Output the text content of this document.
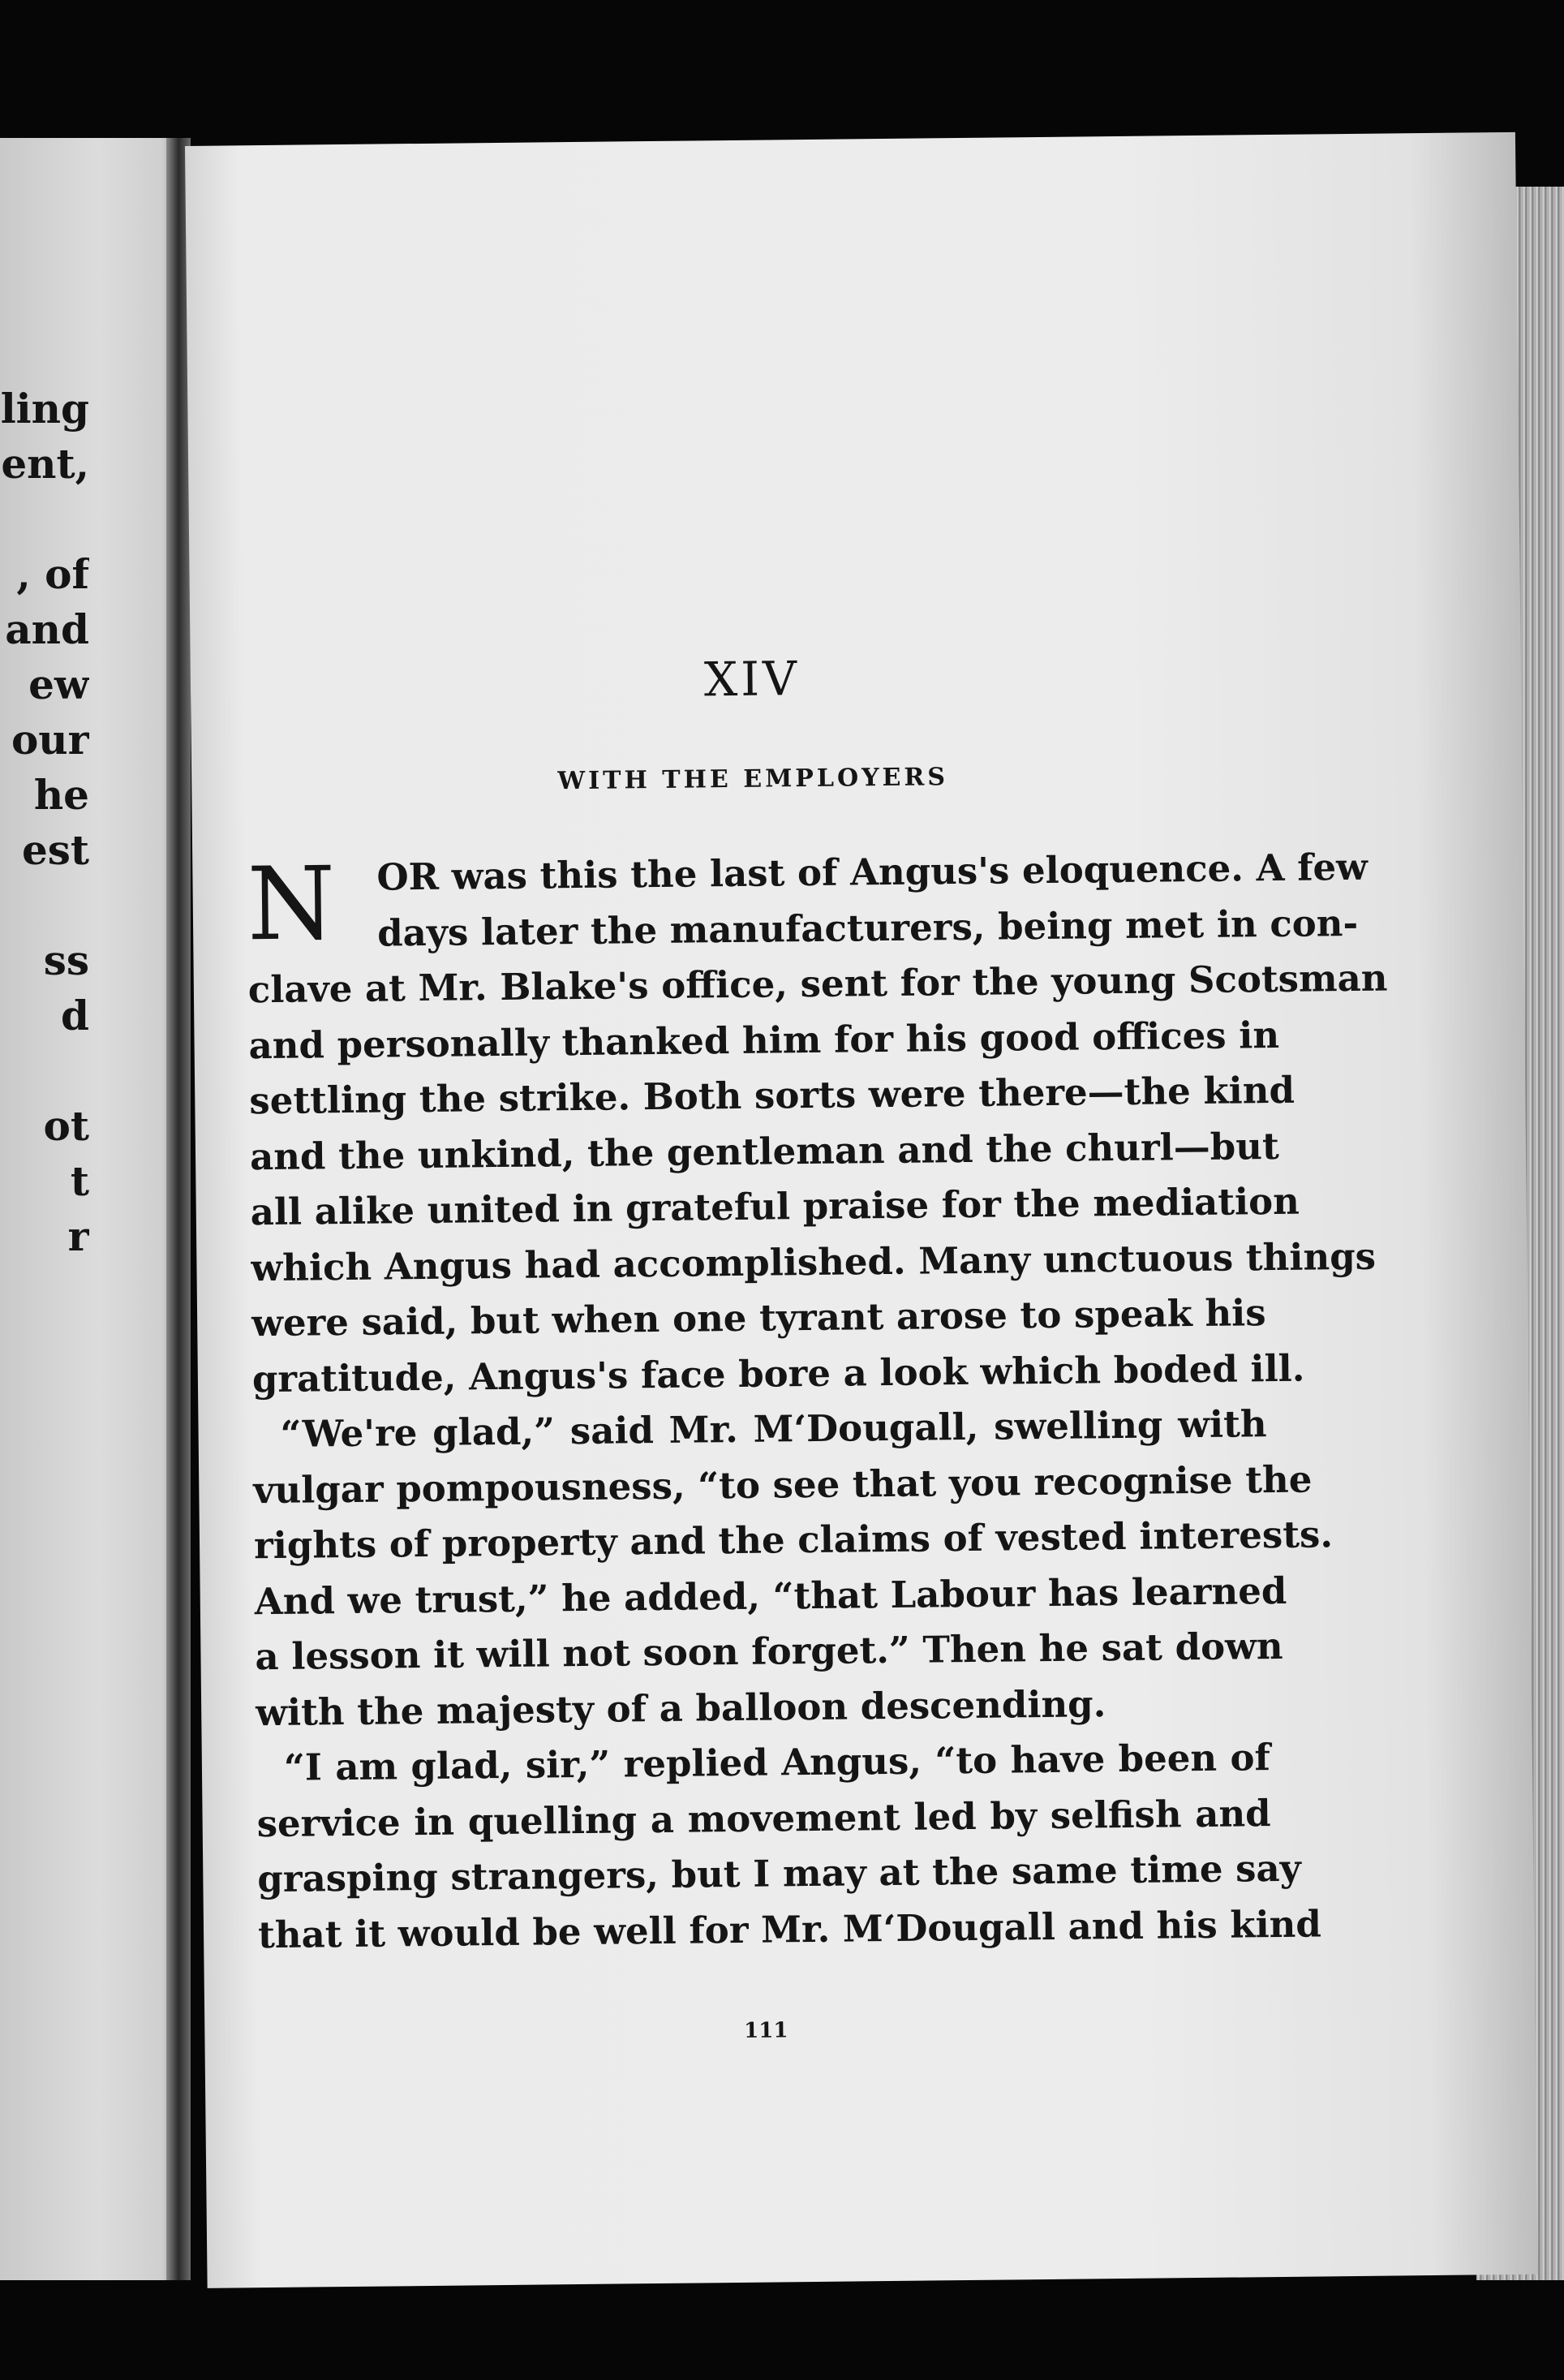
ling
ent,
, of
and
ew
our
he
est
ss
d
ot
t
r
XIV
WITH THE EMPLOYERS
N	OR was this the last of Angus's eloquence. A few
days later the manufacturers, being met in con-
clave at Mr. Blake's office, sent for the young Scotsman
and personally thanked him for his good offices in
settling the strike. Both sorts were there—the kind
and the unkind, the gentleman and the churl—but
all alike united in grateful praise for the mediation
which Angus had accomplished. Many unctuous things
were said, but when one tyrant arose to speak his
gratitude, Angus's face bore a look which boded ill.
“We're glad,” said Mr. M‘Dougall, swelling with
vulgar pompousness, “to see that you recognise the
rights of property and the claims of vested interests.
And we trust,” he added, “that Labour has learned
a lesson it will not soon forget.” Then he sat down
with the majesty of a balloon descending.
“I am glad, sir,” replied Angus, “to have been of
service in quelling a movement led by selfish and
grasping strangers, but I may at the same time say
that it would be well for Mr. M‘Dougall and his kind
111
